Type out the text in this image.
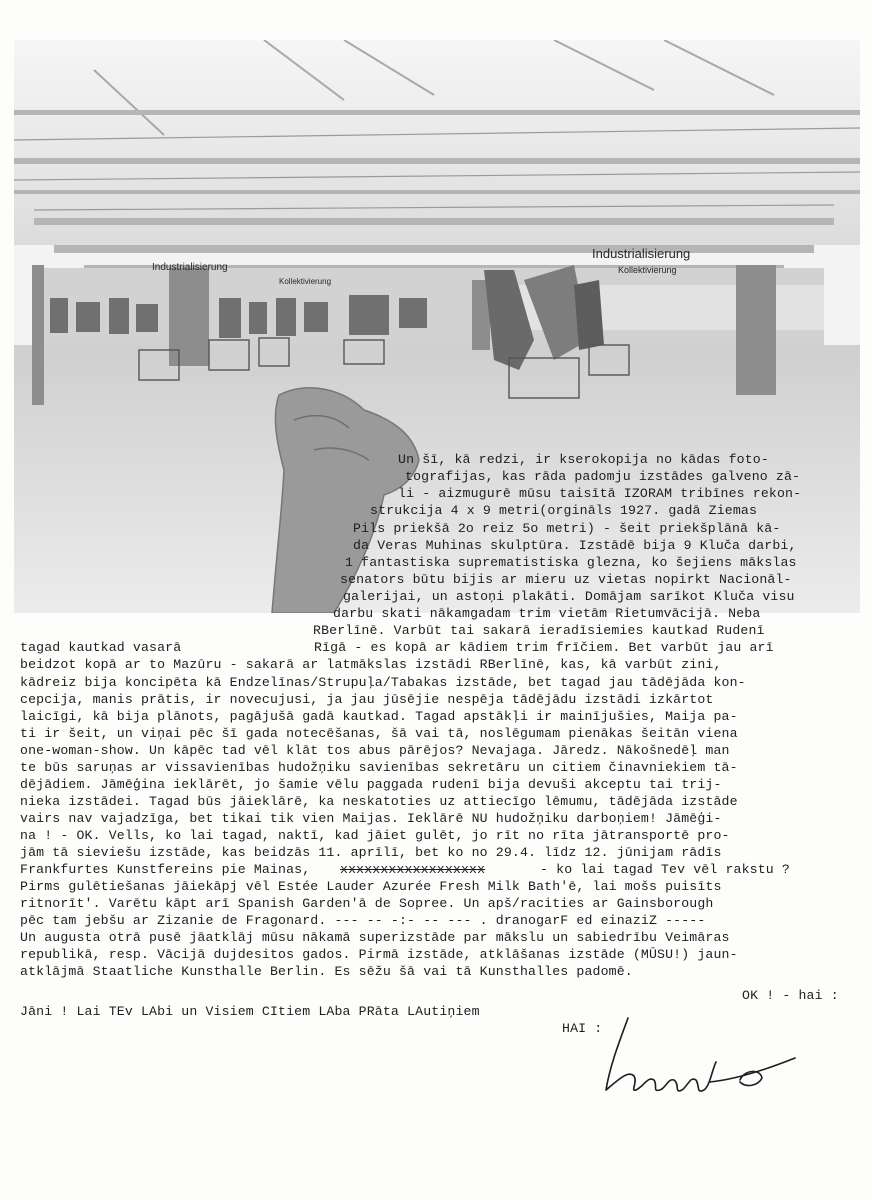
Industrialisierung
Kollektivierung
Industrialisierung
Kollektivierung
Un šī, kā redzi, ir kserokopija no kādas foto-
tografijas, kas rāda padomju izstādes galveno zā-
li - aizmugurē mūsu taisītā IZORAM tribīnes rekon-
strukcija 4 x 9 metri(orgināls 1927. gadā Ziemas
Pils priekšā 2o reiz 5o metri) - šeit priekšplānā kā-
da Veras Muhinas skulptūra. Izstādē bija 9 Kluča darbi,
1 fantastiska suprematistiska glezna, ko šejiens mākslas
senators būtu bijis ar mieru uz vietas nopirkt Nacionāl-
galerijai, un astoņi plakāti. Domājam sarīkot Kluča visu
darbu skati nākamgadam trim vietām Rietumvācijā. Neba
RBerlīnē. Varbūt tai sakarā ieradīsiemies kautkad Rudenī
tagad kautkad vasarā	Rīgā - es kopā ar kādiem trim frīčiem. Bet varbūt jau arī
beidzot kopā ar to Mazūru - sakarā ar latmākslas izstādi RBerlīnē, kas, kā varbūt zini,
kādreiz bija koncipēta kā Endzelīnas/Strupuļa/Tabakas izstāde, bet tagad jau tādējāda kon-
cepcija, manis prātis, ir novecujusi, ja jau jūsējie nespēja tādējādu izstādi izkārtot
laicīgi, kā bija plānots, pagājušā gadā kautkad. Tagad apstākļi ir mainījušies, Maija pa-
ti ir šeit, un viņai pēc šī gada notecēšanas, šā vai tā, noslēgumam pienākas šeitān viena
one-woman-show. Un kāpēc tad vēl klāt tos abus pārējos? Nevajaga. Jāredz. Nākošnedēļ man
te būs saruņas ar vissavienības hudožņiku savienības sekretāru un citiem činavniekiem tā-
dējādiem. Jāmēģina ieklārēt, jo šamie vēlu paggada rudenī bija devuši akceptu tai trij-
nieka izstādei. Tagad būs jāieklārē, ka neskatoties uz attiecīgo lēmumu, tādējāda izstāde
vairs nav vajadzīga, bet tikai tik vien Maijas. Ieklārē NU hudožņiku darboņiem! Jāmēģi-
na ! - OK. Vells, ko lai tagad, naktī, kad jāiet gulēt, jo rīt no rīta jātransportē pro-
jām tā sieviešu izstāde, kas beidzās 11. aprīlī, bet ko no 29.4. līdz 12. jūnijam rādīs
Frankfurtes Kunstfereins pie Mainas, xxxxxxxxxxxxxxxxxx	- ko lai tagad Tev vēl rakstu ?
Pirms gulētiešanas jāiekāpj vēl Estée Lauder Azurée Fresh Milk Bath'ē, lai mošs puisīts
ritnorīt'. Varētu kāpt arī Spanish Garden'ā de Sopree. Un apš/racities ar Gainsborough
pēc tam jebšu ar Zizanie de Fragonard. --- -- -:- -- --- . dranogarF ed einaziZ -----
Un augusta otrā pusē jāatklāj mūsu nākamā superizstāde par mākslu un sabiedrību Veimāras
republikā, resp. Vācijā dujdesitos gados. Pirmā izstāde, atklāšanas izstāde (MŪSU!) jaun-
atklājmā Staatliche Kunsthalle Berlin. Es sēžu šā vai tā Kunsthalles padomē.
OK ! - hai :
Jāni ! Lai TEv LAbi un Visiem CItiem LAba PRāta LAutiņiem
HAI :
